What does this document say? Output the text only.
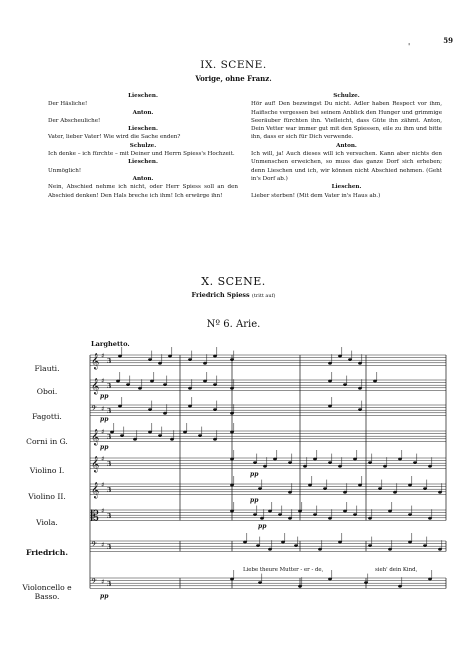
59
'
IX. SCENE.
Vorige, ohne Franz.
Lieschen.
Der Häsliche!
Anton.
Der Abscheuliche!
Lieschen.
Vater, lieber Vater! Wie wird die Sache enden?
Schulze.
Ich denke – ich fürchte – mit Deiner und Herrn Spiess's Hochzeit.
Lieschen.
Unmöglich!
Anton.
Nein, Abschied nehme ich nicht, oder Herr Spiess soll an den Abschied denken! Den Hals breche ich ihm! Ich erwürge ihn!
Schulze.
Hör auf! Den bezwingst Du nicht. Adler haben Respect vor ihm, Haifische vergessen bei seinem Anblick den Hunger und grimmige Seeräuber fürchten ihn. Vielleicht, dass Güte ihn zähmt. Anton, Dein Vetter war immer gut mit den Spiessen, eile zu ihm und bitte ihn, dass er sich für Dich verwende.
Anton.
Ich will, ja! Auch dieses will ich versuchen. Kann aber nichts den Unmenschen erweichen, so muss das ganze Dorf sich erheben; denn Lieschen und ich, wir können nicht Abschied nehmen. (Geht in's Dorf ab.)
Lieschen.
Lieber sterben! (Mit dem Vater in's Haus ab.)
X. SCENE.
Friedrich Spiess (tritt auf)
Nº 6. Arie.
Flauti.
Oboi.
Fagotti.
Corni in G.
Violino I.
Violino II.
Viola.
Friedrich.
Violoncello e Basso.
Larghetto.
Liebe theure Mutter - er - de,	sieh' dein Kind,
𝄞 ♯
3
𝄞 ♯
3
𝄢 ♯ 3
𝄞 ♯
3
𝄞 ♯
3
𝄞 ♯
3
𝄡 ♯
3
𝄢 ♯ 3
𝄢 ♯ 3
pp
pp
pp
pp
pp
pp
pp
